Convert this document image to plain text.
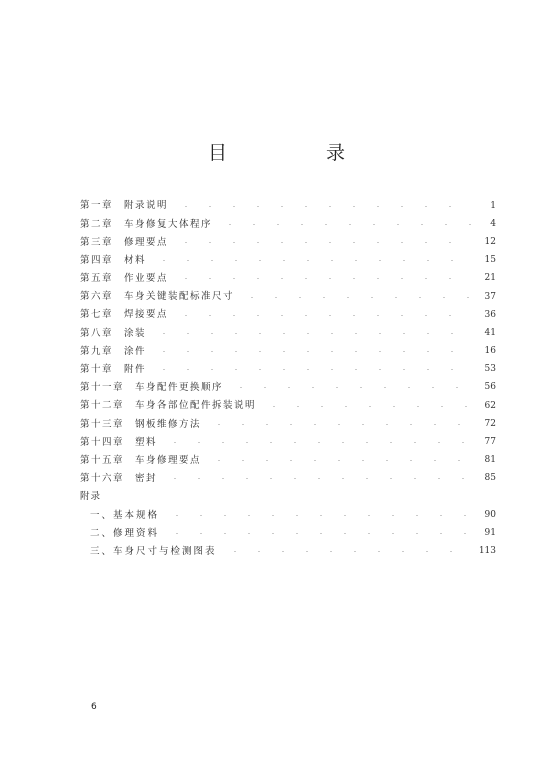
目　录
第一章　附录说明	1
第二章　车身修复大体程序	4
第三章　修理要点	12
第四章　材料	15
第五章　作业要点	21
第六章　车身关键装配标准尺寸	37
第七章　焊接要点	36
第八章　涂装	41
第九章　涂件	16
第十章　附件	53
第十一章　车身配件更换顺序	56
第十二章　车身各部位配件拆装说明	62
第十三章　钢板维修方法	72
第十四章　塑料	77
第十五章　车身修理要点	81
第十六章　密封	85
附录
一、基本规格	90
二、修理资料	91
三、车身尺寸与检测图表	113
6
